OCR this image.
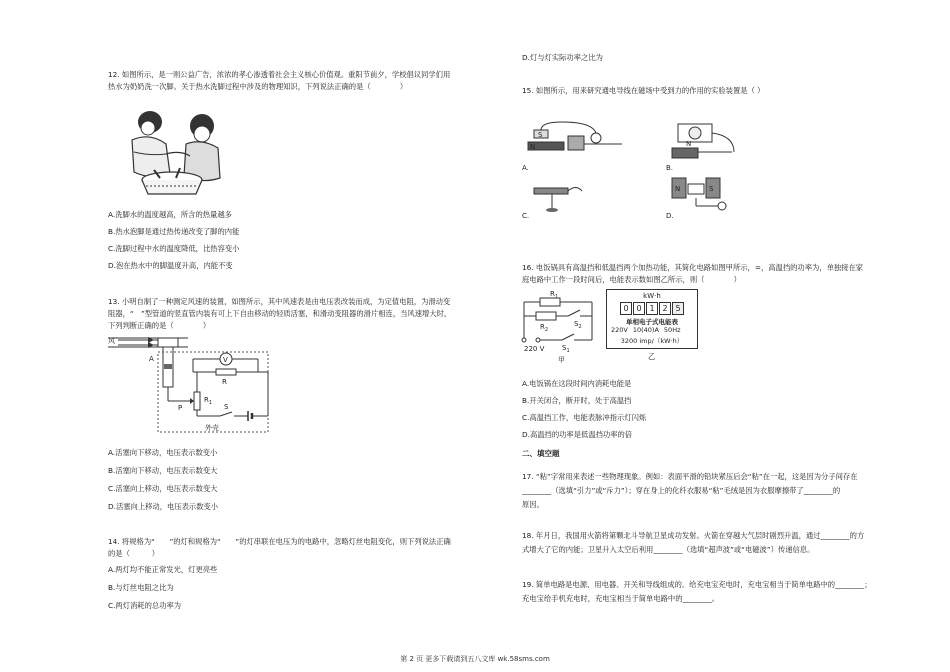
12. 如图所示，是一则公益广告，浓浓的孝心渗透着社会主义核心价值观。重阳节前夕，学校倡议同学们用
热水为奶奶洗一次脚。关于热水洗脚过程中涉及的物理知识，下列说法正确的是（　　　　）
A.洗脚水的温度越高，所含的热量越多
B.热水泡脚是通过热传递改变了脚的内能
C.洗脚过程中水的温度降低，比热容变小
D.泡在热水中的脚温度升高，内能不变
13. 小明自制了一种测定风速的装置，如图所示，其中风速表是由电压表改装而成，为定值电阻，为滑动变
阻器，“　”型管道的竖直管内装有可上下自由移动的轻质活塞，和滑动变阻器的滑片相连，当风速增大时，
下列判断正确的是（　　　　）
风
A	V
R
$R_1$
P	S
外壳
A.活塞向下移动，电压表示数变小
B.活塞向下移动，电压表示数变大
C.活塞向上移动，电压表示数变大
D.活塞向上移动，电压表示数变小
14. 将规格为“　　”的灯和规格为“　　”的灯串联在电压为的电路中，忽略灯丝电阻变化，则下列说法正确
的是（　　　）
A.两灯均不能正常发光，灯更亮些
B.与灯丝电阻之比为
C.两灯消耗的总功率为
D.灯与灯实际功率之比为
15. 如图所示，用来研究通电导线在磁场中受到力的作用的实验装置是（ ）
S
N
A.
C.
N
B.
N	S
D.
16. 电饭锅具有高温挡和低温挡两个加热功能，其简化电路如图甲所示，=，高温挡的功率为，单独接在家
庭电路中工作一段时间后，电能表示数如图乙所示，则（　　　　）
$R_1$
$R_2$
$S_2$
220 V	$S_1$
甲
kW·h
0 0 1 2 5
单相电子式电能表
220V 10(40)A 50Hz
3200 imp/（kW·h）
乙
A.电饭锅在这段时间内消耗电能是
B.开关闭合，断开时，处于高温挡
C.高温挡工作，电能表脉冲指示灯闪烁
D.高温挡的功率是低温挡功率的倍
二、填空题
17. “粘”字常用来表述一些物理现象。例如：表面平滑的铅块紧压后会“粘”在一起，这是因为分子间存在
________（选填“引力”或“斥力”）；穿在身上的化纤衣服易“粘”毛绒是因为衣服摩擦带了________的
原因。
18. 年月日，我国用火箭将第颗北斗导航卫星成功发射。火箭在穿越大气层时剧烈升温，通过________的方
式增大了它的内能；卫星升入太空后利用________（选填“超声波”或“电磁波”）传递信息。
19. 简单电路是电源、用电器、开关和导线组成的。给充电宝充电时，充电宝相当于简单电路中的________；
充电宝给手机充电时，充电宝相当于简单电路中的________。
第 2 页 更多下载请到五八文库 wk.58sms.com
